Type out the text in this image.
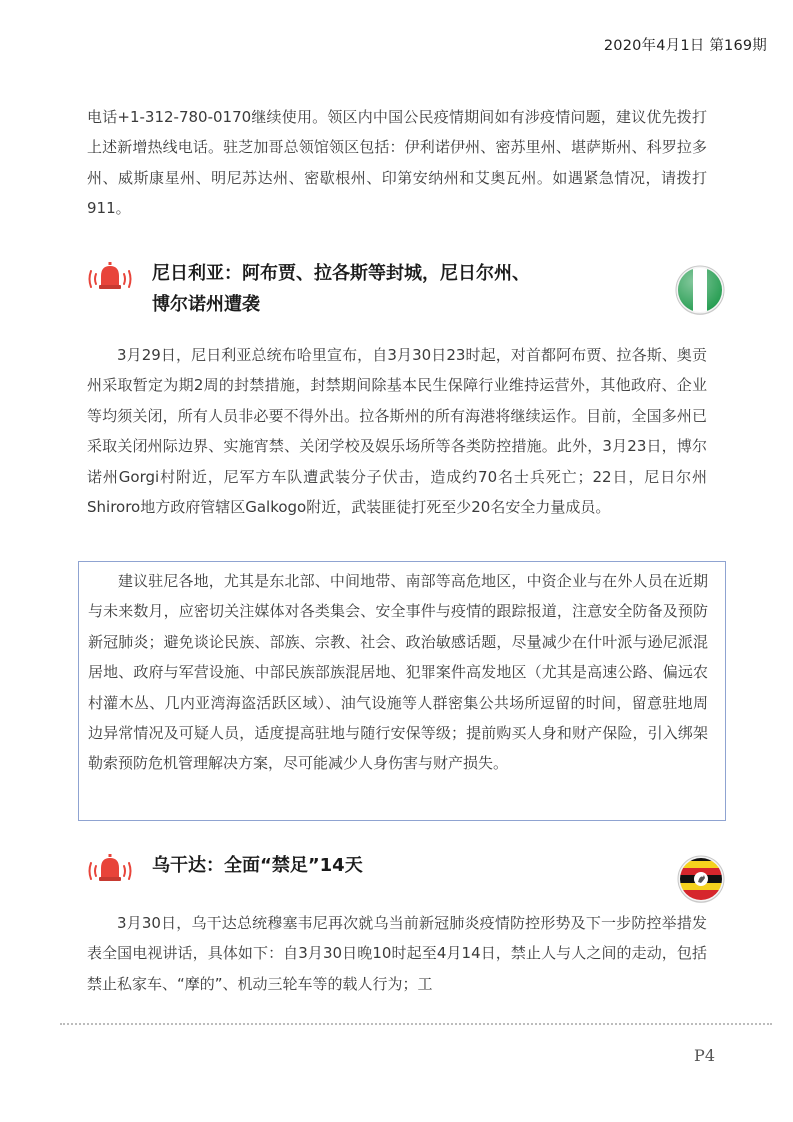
2020年4月1日 第169期

电话+1-312-780-0170继续使用。领区内中国公民疫情期间如有涉疫情问题，建议优先拨打上述新增热线电话。驻芝加哥总领馆领区包括：伊利诺伊州、密苏里州、堪萨斯州、科罗拉多州、威斯康星州、明尼苏达州、密歇根州、印第安纳州和艾奥瓦州。如遇紧急情况，请拨打911。

尼日利亚：阿布贾、拉各斯等封城，尼日尔州、
博尔诺州遭袭

3月29日，尼日利亚总统布哈里宣布，自3月30日23时起，对首都阿布贾、拉各斯、奥贡州采取暂定为期2周的封禁措施，封禁期间除基本民生保障行业维持运营外，其他政府、企业等均须关闭，所有人员非必要不得外出。拉各斯州的所有海港将继续运作。目前，全国多州已采取关闭州际边界、实施宵禁、关闭学校及娱乐场所等各类防控措施。此外，3月23日，博尔诺州Gorgi村附近，尼军方车队遭武装分子伏击，造成约70名士兵死亡；22日，尼日尔州Shiroro地方政府管辖区Galkogo附近，武装匪徒打死至少20名安全力量成员。

建议驻尼各地，尤其是东北部、中间地带、南部等高危地区，中资企业与在外人员在近期与未来数月，应密切关注媒体对各类集会、安全事件与疫情的跟踪报道，注意安全防备及预防新冠肺炎；避免谈论民族、部族、宗教、社会、政治敏感话题，尽量减少在什叶派与逊尼派混居地、政府与军营设施、中部民族部族混居地、犯罪案件高发地区（尤其是高速公路、偏远农村灌木丛、几内亚湾海盗活跃区域）、油气设施等人群密集公共场所逗留的时间，留意驻地周边异常情况及可疑人员，适度提高驻地与随行安保等级；提前购买人身和财产保险，引入绑架勒索预防危机管理解决方案，尽可能减少人身伤害与财产损失。

乌干达：全面“禁足”14天

3月30日，乌干达总统穆塞韦尼再次就乌当前新冠肺炎疫情防控形势及下一步防控举措发表全国电视讲话，具体如下：自3月30日晚10时起至4月14日，禁止人与人之间的走动，包括禁止私家车、“摩的”、机动三轮车等的载人行为；工

P4
